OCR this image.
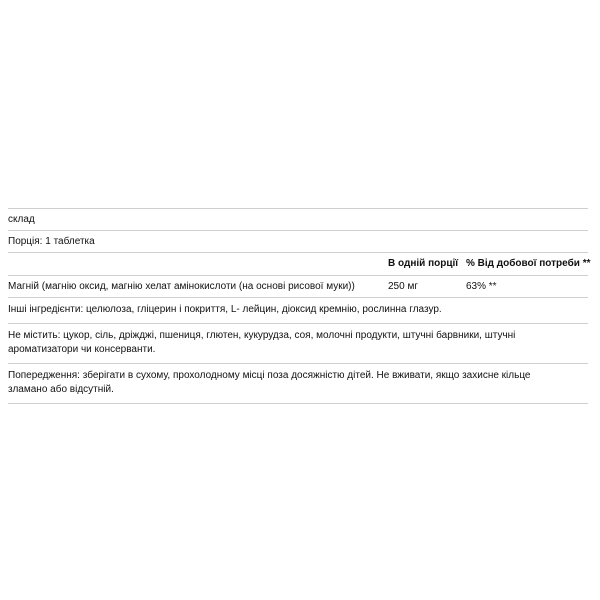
склад
Порція: 1 таблетка
В одній порції % Від добової потреби **
Магній (магнію оксид, магнію хелат амінокислоти (на основі рисової муки))	250 мг	63% **
Інші інгредієнти: целюлоза, гліцерин і покриття, L- лейцин, діоксид кремнію, рослинна глазур.
Не містить: цукор, сіль, дріжджі, пшениця, глютен, кукурудза, соя, молочні продукти, штучні барвники, штучні ароматизатори чи консерванти.
Попередження: зберігати в сухому, прохолодному місці поза досяжністю дітей. Не вживати, якщо захисне кільце зламано або відсутній.
